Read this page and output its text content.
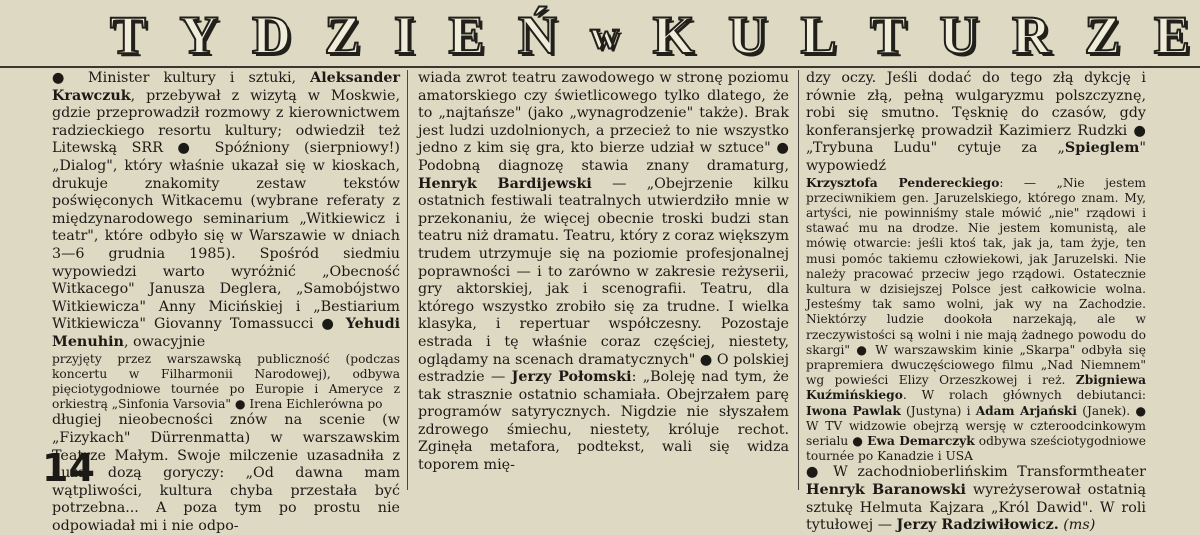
T Y D Z I E Ń w K U L T U R Z E

● Minister kultury i sztuki, Aleksander Krawczuk, przebywał z wizytą w Moskwie, gdzie przeprowadził rozmowy z kierownictwem radzieckiego resortu kultury; odwiedził też Litewską SRR ● Spóźniony (sierpniowy!) „Dialog", który właśnie ukazał się w kioskach, drukuje znakomity zestaw tekstów poświęconych Witkacemu (wybrane referaty z międzynarodowego seminarium „Witkiewicz i teatr", które odbyło się w Warszawie w dniach 3—6 grudnia 1985). Spośród siedmiu wypowiedzi warto wyróżnić „Obecność Witkacego" Janusza Deglera, „Samobójstwo Witkiewicza" Anny Micińskiej i „Bestiarium Witkiewicza" Giovanny Tomassucci ● Yehudi Menuhin, owacyjnie

przyjęty przez warszawską publiczność (podczas koncertu w Filharmonii Narodowej), odbywa pięciotygodniowe tournée po Europie i Ameryce z orkiestrą „Sinfonia Varsovia" ● Irena Eichlerówna po

długiej nieobecności znów na scenie (w „Fizykach" Dürrenmatta) w warszawskim Teatrze Małym. Swoje milczenie uzasadniła z dużą dozą goryczy: „Od dawna mam wątpliwości, kultura chyba przestała być potrzebna... A poza tym po prostu nie odpowiadał mi i nie odpo-

wiada zwrot teatru zawodowego w stronę poziomu amatorskiego czy świetlicowego tylko dlatego, że to „najtańsze" (jako „wynagrodzenie" także). Brak jest ludzi uzdolnionych, a przecież to nie wszystko jedno z kim się gra, kto bierze udział w sztuce" ● Podobną diagnozę stawia znany dramaturg, Henryk Bardijewski — „Obejrzenie kilku ostatnich festiwali teatralnych utwierdziło mnie w przekonaniu, że więcej obecnie troski budzi stan teatru niż dramatu. Teatru, który z coraz większym trudem utrzymuje się na poziomie profesjonalnej poprawności — i to zarówno w zakresie reżyserii, gry aktorskiej, jak i scenografii. Teatru, dla którego wszystko zrobiło się za trudne. I wielka klasyka, i repertuar współczesny. Pozostaje estrada i tę właśnie coraz częściej, niestety, oglądamy na scenach dramatycznych" ● O polskiej estradzie — Jerzy Połomski: „Boleję nad tym, że tak strasznie ostatnio schamiała. Obejrzałem parę programów satyrycznych. Nigdzie nie słyszałem zdrowego śmiechu, niestety, króluje rechot. Zginęła metafora, podtekst, wali się widza toporem mię-

dzy oczy. Jeśli dodać do tego złą dykcję i równie złą, pełną wulgaryzmu polszczyznę, robi się smutno. Tęsknię do czasów, gdy konferansjerkę prowadził Kazimierz Rudzki ● „Trybuna Ludu" cytuje za „Spieglem" wypowiedź

Krzysztofa Pendereckiego: — „Nie jestem przeciwnikiem gen. Jaruzelskiego, którego znam. My, artyści, nie powinniśmy stale mówić „nie" rządowi i stawać mu na drodze. Nie jestem komunistą, ale mówię otwarcie: jeśli ktoś tak, jak ja, tam żyje, ten musi pomóc takiemu człowiekowi, jak Jaruzelski. Nie należy pracować przeciw jego rządowi. Ostatecznie kultura w dzisiejszej Polsce jest całkowicie wolna. Jesteśmy tak samo wolni, jak wy na Zachodzie. Niektórzy ludzie dookoła narzekają, ale w rzeczywistości są wolni i nie mają żadnego powodu do skargi" ● W warszawskim kinie „Skarpa" odbyła się prapremiera dwuczęściowego filmu „Nad Niemnem" wg powieści Elizy Orzeszkowej i reż. Zbigniewa Kuźmińskiego. W rolach głównych debiutanci: Iwona Pawlak (Justyna) i Adam Arjański (Janek). ● W TV widzowie obejrzą wersję w czteroodcinkowym serialu ● Ewa Demarczyk odbywa sześciotygodniowe tournée po Kanadzie i USA

● W zachodnioberlińskim Transformtheater Henryk Baranowski wyreżyserował ostatnią sztukę Helmuta Kajzara „Król Dawid". W roli tytułowej — Jerzy Radziwiłowicz. (ms)

14
